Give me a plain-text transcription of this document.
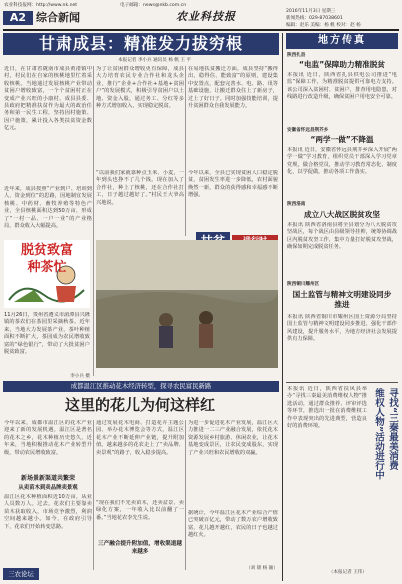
农业科技报网：http://www.nk.net	电子邮箱：news@nkb.com.cn
A2 综合新闻	农业科技报	2016年11月3日 星期三
新闻热线：029-87038601
编辑：赵乐 美编：杨 帆 校对：赵 杨
甘肃成县：精准发力拔穷根
本报记者 李小兵 通讯员 杨 帆 王 平
近日，在甘肃省陇南市成县黄渚镇中村，村民们在自家的核桃地里忙着采收核桃。当地通过发展核桃产业带动贫困户增收致富，一个个贫困村正在变成产业兴旺的小康村。成县县委、县政府把精准扶贫作为最大的政治任务和第一民生工程，坚持因村施策、因户施策，累计投入各类扶贫资金数亿元。
近年来，成县按照“产业到户、培训到人、资金到位”的思路，因地制宜发展核桃、中药材、畜牧养殖等特色产业，全县核桃面积达到50万亩，形成了“一村一品、一户一业”的产业格局，群众收入大幅提高。
为了让贫困群众增收更有保障，成县大力培育农民专业合作社和龙头企业，推行“企业+合作社+基地+贫困户”的发展模式，积极引导贫困户以土地、资金入股，通过务工、分红等多种方式增加收入，实现稳定脱贫。
“以前我们家就靠种点玉米、小麦，一年到头也挣不了几个钱。现在加入了合作社，种上了核桃，还在合作社打工，日子越过越好了。”村民王大爷高兴地说。
在易地扶贫搬迁方面，成县坚持“搬得出、稳得住、能致富”的原则，建设集中安置点，配套完善水、电、路、讯等基础设施，让搬迁群众住上了新房子，过上了好日子。同时加强技能培训，提升贫困群众自我发展能力。
今年以来，全县已实现贫困人口稳定脱贫，贫困发生率进一步降低，农村面貌焕然一新，群众的获得感和幸福感不断增强。
脱贫致富
种茶忙
11月26日，贵州省遵义市湄潭县兴隆镇的茶农们在茶园里采摘秋茶。近年来，当地大力发展茶产业，茶叶种植面积不断扩大，茶园成为农民增收致富的“绿色银行”，带动了大批贫困户脱贫致富。
李小兵 摄
成都温江区推动花木经济转型，探寻农民富民新路
这里的花儿为何这样红
今年以来，成都市温江区的花木产业迎来了新的发展机遇。温江区是著名的花木之乡，花木种植历史悠久，近年来，当地积极推动花木产业转型升级，带动农民增收致富。
新场景新渠道共繁荣
从卖苗木到卖品牌卖景观
温江区花木种植面积近10万亩，从业人员数万人。过去，花农们主要靠卖苗木获取收入，市场竞争激烈，利润空间越来越小。如今，在政府引导下，花农们开始转变思路。
通过发展花木电商、打造花卉主题公园、举办花木博览会等方式，温江区花木产业不断延伸产业链，提升附加值。越来越多的花农走上了“卖品牌、卖景观”的路子，收入稳步提高。
“现在我们不光卖苗木，还卖盆景、卖绿化方案，一年收入比以前翻了一番。”当地花农李先生说。
三产融合提升附加值，增收渠道越来越多
为进一步促进花木产业发展，温江区大力推进一二三产业融合发展，依托花木资源发展乡村旅游、休闲农业，让花木基地变成景区，让农民变成股东，实现了产业兴旺和农民增收的双赢。
据统计，今年温江区花木产业综合产值已突破百亿元，带动了数万农户增收致富，花儿越开越红，农民的日子也越过越红火。
（刘 锦 杨 颖）
三农论坛
地方传真
陕西扎县
“电监”保障助力精准脱贫
本报讯 近日，陕西省扎县供电公司推进“电监”保障工作，为精准脱贫提供可靠电力支持。该公司深入贫困村、贫困户，排查用电隐患，对线路进行改造升级，确保贫困户用电安全可靠。
安徽省怀远县荆芥乡
“两学一做”不降温
本报讯 近日，安徽省怀远县荆芥乡深入开展“两学一做”学习教育，组织党员干部深入学习党章党规，做合格党员，推动学习教育常态化、制度化，以学促做，推动各项工作落实。
陕西洛南
成立八大战区脱贫攻坚
本报讯 陕西省洛南县将全县划分为八大脱贫攻坚战区，每个战区由县级领导挂帅，统筹协调战区内脱贫攻坚工作，集中力量打好脱贫攻坚战，确保如期完成脱贫任务。
陕西铜川耀州区
国土监管与精神文明建设同步推进
本报讯 陕西省铜川市耀州区国土资源分局坚持国土监管与精神文明建设同步推进，强化干部作风建设，提升服务水平，为地方经济社会发展提供有力保障。
本报讯 近日，陕西省扶风县举办“寻找三秦最美消费维权人物”推选活动，通过群众推荐、评审评选等环节，推选出一批在消费维权工作中表现突出的先进典型，营造良好的消费环境。	寻找“三秦最美消费
维权人物”活动进行中
（本报记者 王伟）
